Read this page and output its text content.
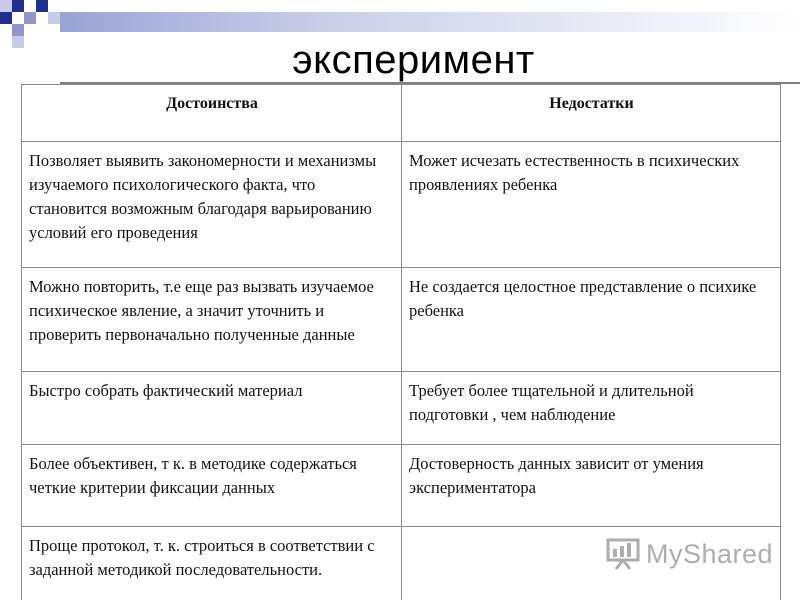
эксперимент
Достоинства	Недостатки
Позволяет выявить закономерности и механизмы изучаемого психологического факта, что становится возможным благодаря варьированию условий его проведения	Может исчезать естественность в психических проявлениях ребенка
Можно повторить, т.е еще раз вызвать изучаемое психическое явление, а значит уточнить и проверить первоначально полученные данные	Не создается целостное представление о психике ребенка
Быстро собрать фактический материал	Требует более тщательной и длительной подготовки , чем наблюдение
Более объективен, т к. в методике содержаться четкие критерии фиксации данных	Достоверность данных зависит от умения экспериментатора
Проще протокол, т. к. строиться в соответствии с заданной методикой последовательности.	
MyShared
